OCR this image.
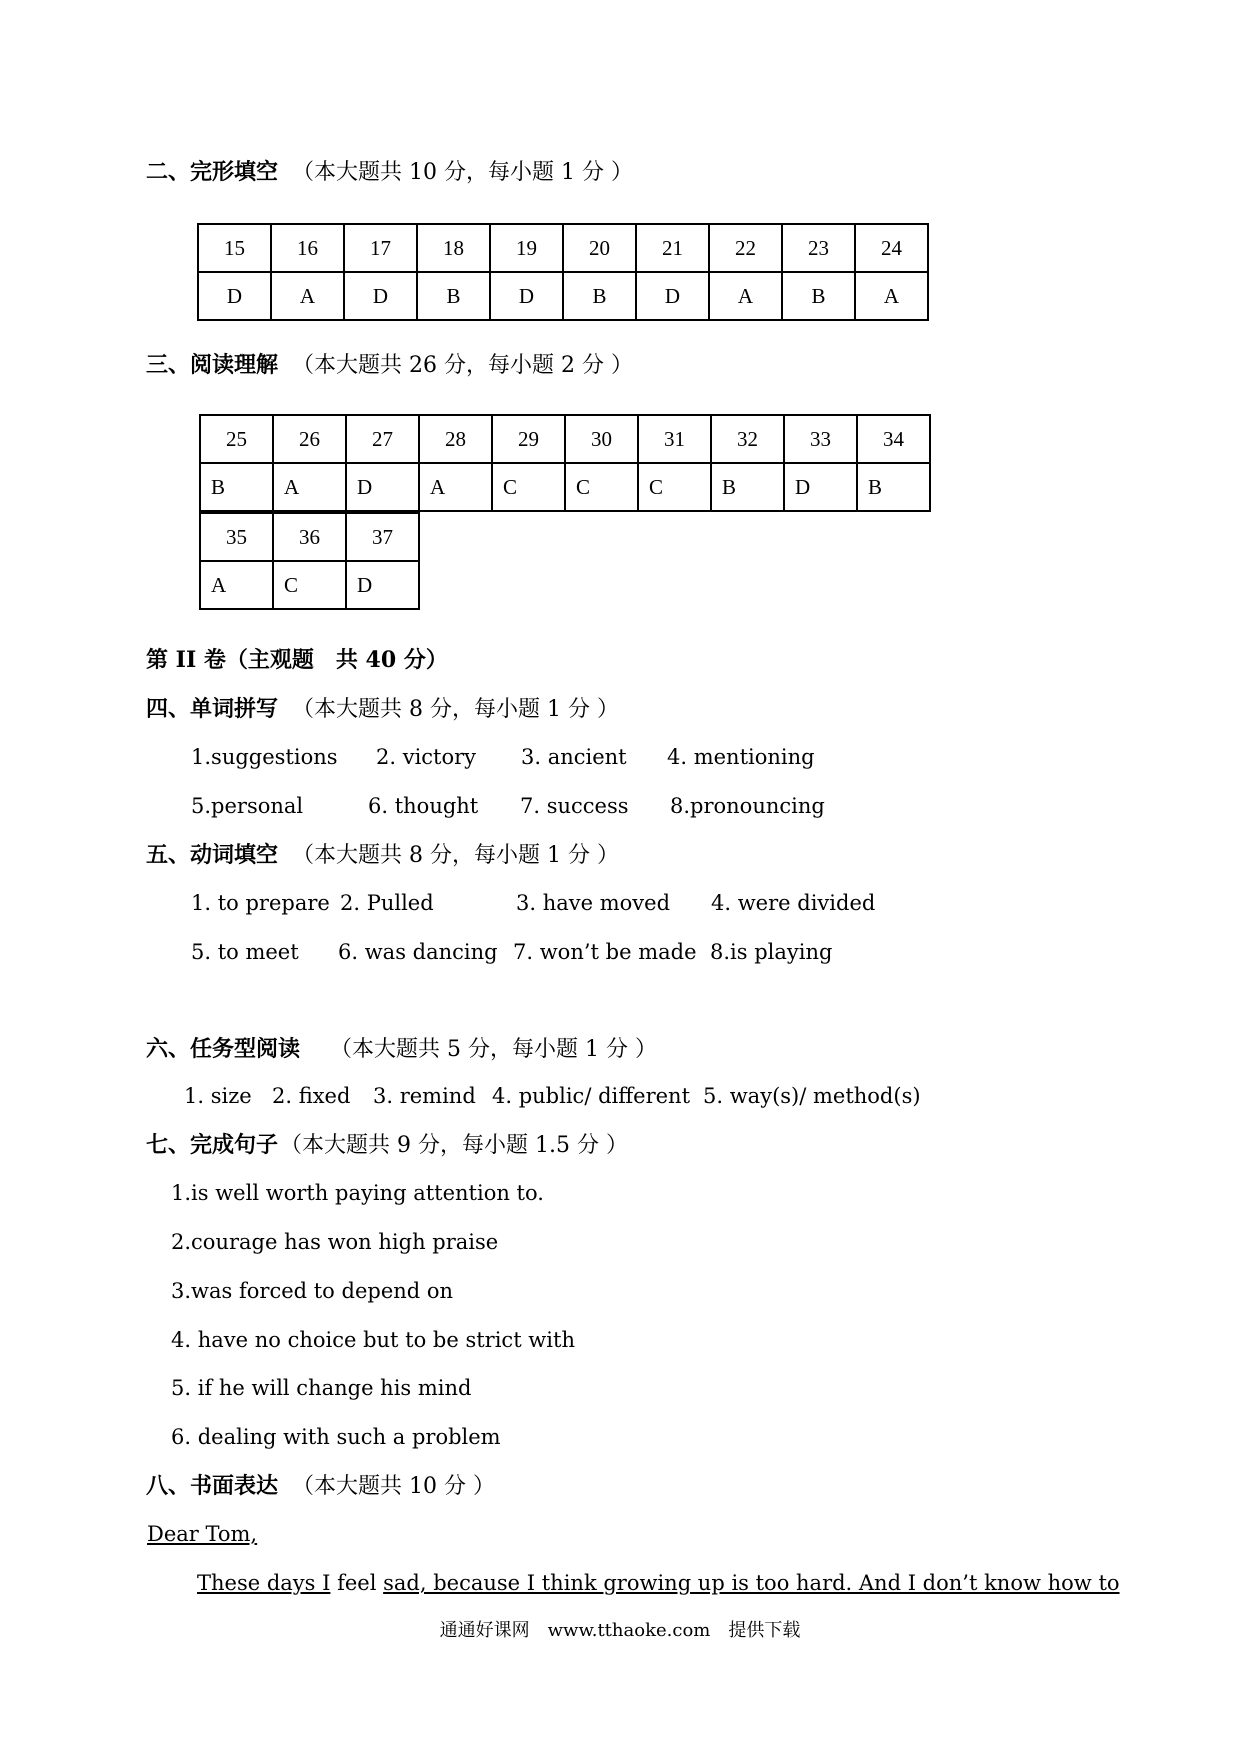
二、完形填空 （本大题共 10 分，每小题 1 分 ）
15	16	17	18	19	20	21	22	23	24
D	A	D	B	D	B	D	A	B	A
三、阅读理解 （本大题共 26 分，每小题 2 分 ）
25	26	27	28	29	30	31	32	33	34
B	A	D	A	C	C	C	B	D	B
35	36	37
A	C	D
第 II 卷（主观题　共 40 分）
四、单词拼写 （本大题共 8 分，每小题 1 分 ）
1.suggestions 2. victory 3. ancient 4. mentioning
5.personal	6. thought 7. success 8.pronouncing
五、动词填空 （本大题共 8 分，每小题 1 分 ）
1. to prepare 2. Pulled	3. have moved 4. were divided
5. to meet 6. was dancing 7. won’t be made 8.is playing
六、任务型阅读 （本大题共 5 分，每小题 1 分 ）
1. size 2. fixed 3. remind 4. public/ different 5. way(s)/ method(s)
七、完成句子（本大题共 9 分，每小题 1.5 分 ）
1.is well worth paying attention to.
2.courage has won high praise
3.was forced to depend on
4. have no choice but to be strict with
5. if he will change his mind
6. dealing with such a problem
八、书面表达 （本大题共 10 分 ）
Dear Tom,
These days I feel sad, because I think growing up is too hard. And I don’t know how to
通通好课网　www.tthaoke.com　提供下载
